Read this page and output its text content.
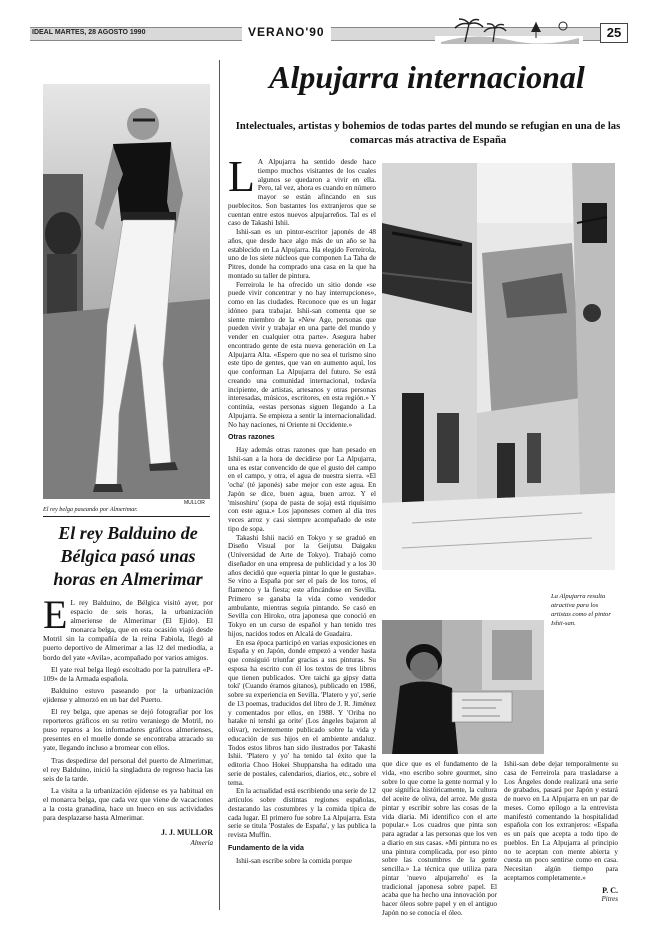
IDEAL MARTES, 28 AGOSTO 1990	VERANO'90	25
MULLOR
El rey belga paseando por Almerimar.
El rey Balduino de Bélgica pasó unas horas en Almerimar

E L rey Balduino, de Bélgica visitó ayer, por espacio de seis horas, la urbanización almeriense de Almerimar (El Ejido). El monarca belga, que en esta ocasión viajó desde Motril sin la compañía de la reina Fabiola, llegó al puerto deportivo de Almerimar a las 12 del mediodía, a bordo del yate «Avila», acompañado por varios amigos.

El yate real belga llegó escoltado por la patrullera «P-109» de la Armada española.

Balduino estuvo paseando por la urbanización ejidense y almorzó en un bar del Puerto.

El rey belga, que apenas se dejó fotografiar por los reporteros gráficos en su retiro veraniego de Motril, no puso reparos a los informadores gráficos almerienses, presentes en el muelle donde se encontraba atracado su yate, llegando incluso a bromear con ellos.

Tras despedirse del personal del puerto de Almerimar, el rey Balduino, inició la singladura de regreso hacia las seis de la tarde.

La visita a la urbanización ejidense es ya habitual en el monarca belga, que cada vez que viene de vacaciones a la costa granadina, hace un hueco en sus actividades para desplazarse hasta Almerimar.

J. J. MULLOR
Almería
Alpujarra internacional
Intelectuales, artistas y bohemios de todas partes del mundo se refugian en una de las comarcas más atractiva de España

L A Alpujarra ha sentido desde hace tiempo muchos visitantes de los cuales algunos se quedaron a vivir en ella. Pero, tal vez, ahora es cuando en número mayor se están afincando en sus pueblecitos. Son bastantes los extranjeros que se cuentan entre estos nuevos alpujarreños. Tal es el caso de Takashi Ishii.

Ishii-san es un pintor-escritor japonés de 48 años, que desde hace algo más de un año se ha establecido en La Alpujarra. Ha elegido Ferreirola, uno de los siete núcleos que componen La Taha de Pitres, donde ha comprado una casa en la que ha montado su taller de pintura.

Ferreirola le ha ofrecido un sitio donde «se puede vivir concentrar y no hay interrupciones», como en las ciudades. Reconoce que es un lugar idóneo para trabajar. Ishii-san comenta que se siente miembro de la «New Age, personas que pueden vivir y trabajar en una parte del mundo y vender en cualquier otra parte». Asegura haber encontrado gente de esta nueva generación en La Alpujarra Alta. «Espero que no sea el turismo sino este tipo de gentes, que van en aumento aquí, los que conforman La Alpujarra del futuro. Se está creando una comunidad internacional, todavía incipiente, de artistas, artesanos y otras personas interesadas, músicos, escritores, en esta región.» Y continúa, «estas personas siguen llegando a La Alpujarra. Se empieza a sentir la internacionalidad. No hay naciones, ni Oriente ni Occidente.»

Otras razones

Hay además otras razones que han pesado en Ishii-san a la hora de decidirse por La Alpujarra, una es estar convencido de que el gusto del campo en el campo, y otra, el agua de nuestra sierra. «El 'ocha' (té japonés) sabe mejor con este agua. En Japón se dice, buen agua, buen arroz. Y el 'misoshiru' (sopa de pasta de soja) está riquísimo con este agua.» Los japoneses comen al día tres veces arroz y casi siempre acompañado de este tipo de sopa.

Takashi Ishii nació en Tokyo y se graduó en Diseño Visual por la Geijutsu Daigaku (Universidad de Arte de Tokyo). Trabajó como diseñador en una empresa de publicidad y a los 30 años decidió que «quería pintar lo que le gustaba». Se vino a España por ser el país de los toros, el flamenco y la fiesta; este afincándose en Sevilla. Primero se ganaba la vida como vendedor ambulante, mientras seguía pintando. Se casó en Sevilla con Hiroko, otra japonesa que conoció en Tokyo en un curso de español y han tenido tres hijos, nacidos todos en Alcalá de Guadaira.

En esa época participó en varias exposiciones en España y en Japón, donde empezó a vender hasta que consiguió triunfar gracias a sus pinturas. Su esposa ha escrito con él los textos de tres libros que tienen publicados. 'Ore taichi ga gipsy datta toki' (Cuando éramos gitanos), publicado en 1986, sobre su experiencia en Sevilla. 'Platero y yo', serie de 13 poemas, traducidos del libro de J. R. Jiménez y comentados por ellos, en 1988. Y 'Oriba no hatake ni tenshi ga orite' (Los ángeles bajaron al olivar), recientemente publicado sobre la vida y educación de sus hijos en el ambiente andaluz. Todos estos libros han sido ilustrados por Takashi Ishii. 'Platero y yo' ha tenido tal éxito que la editoria Choo Hokei Shuppansha ha editado una serie de postales, calendarios, diarios, etc., sobre el tema.

En la actualidad está escribiendo una serie de 12 artículos sobre distintas regiones españolas, destacando las costumbres y la comida típica de cada lugar. El primero fue sobre La Alpujarra. Esta serie se titula 'Postales de España', y las publica la revista Muffin.

Fundamento de la vida

Ishii-san escribe sobre la comida porque

La Alpujarra resulta atractiva para los artistas como el pintor Ishii-san.

que dice que es el fundamento de la vida, «no escribo sobre gourmet, sino sobre lo que come la gente normal y lo que significa históricamente, la cultura del aceite de oliva, del arroz. Me gusta pintar y escribir sobre las cosas de la vida diaria. Mi identifico con el arte popular.» Los cuadros que pinta son para agradar a las personas que los ven a diario en sus casas. «Mi pintura no es una pintura complicada, por eso pinto sobre las costumbres de la gente sencilla.» La técnica que utiliza para pintar 'nuevo alpujarreño' es la tradicional japonesa sobre papel. El acaba que ha hecho una innovación por hacer óleos sobre papel y en el antiguo Japón no se conocía el óleo.

Ishii-san debe dejar temporalmente su casa de Ferreirola para trasladarse a Los Ángeles donde realizará una serie de grabados, pasará por Japón y estará de nuevo en La Alpujarra en un par de meses. Como epílogo a la entrevista manifestó comentando la hospitalidad española con los extranjeros: «España es un país que acepta a todo tipo de pueblos. En La Alpujarra al principio no te aceptan con mente abierta y cuesta un poco sentirse como en casa. Necesitan algún tiempo para aceptarnos completamente.»

P. C.
Pitres
